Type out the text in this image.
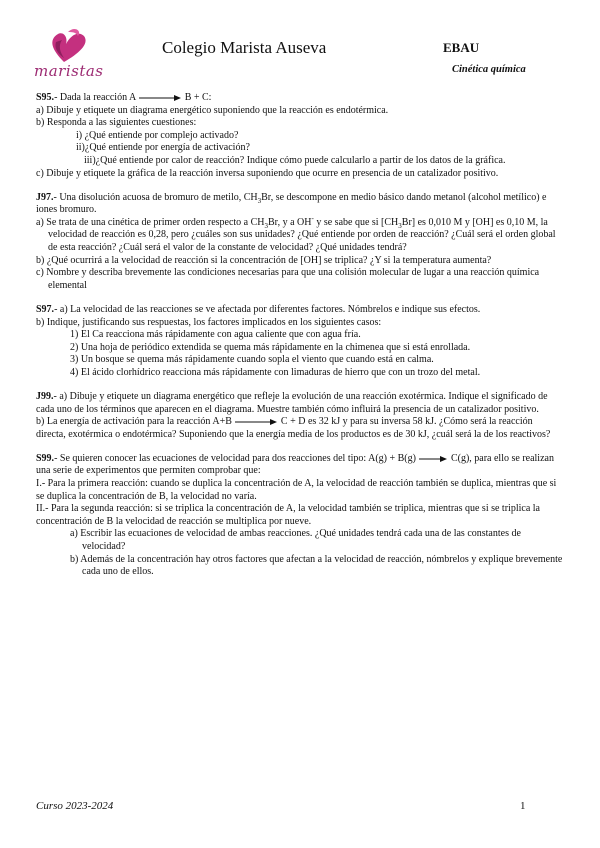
maristas
Colegio Marista Auseva	EBAU
Cinética química

S95.- Dada la reacción A	B + C:

a) Dibuje y etiquete un diagrama energético suponiendo que la reacción es endotérmica.

b) Responda a las siguientes cuestiones:

i) ¿Qué entiende por complejo activado?

ii)¿Qué entiende por energía de activación?

iii)¿Qué entiende por calor de reacción? Indique cómo puede calcularlo a partir de los datos de la gráfica.

c) Dibuje y etiquete la gráfica de la reacción inversa suponiendo que ocurre en presencia de un catalizador positivo.

J97.- Una disolución acuosa de bromuro de metilo, $CH_3Br$, se descompone en medio básico dando metanol (alcohol metílico) e iones bromuro.

a) Se trata de una cinética de primer orden respecto a $CH_3Br$, y a OH- y se sabe que si $[CH_3Br]$ es 0,010 M y [OH] es 0,10 M, la velocidad de reacción es 0,28, pero ¿cuáles son sus unidades? ¿Qué entiende por orden de reacción? ¿Cuál será el orden global de esta reacción? ¿Cuál será el valor de la constante de velocidad? ¿Qué unidades tendrá?

b) ¿Qué ocurrirá a la velocidad de reacción si la concentración de [OH] se triplica? ¿Y si la temperatura aumenta?

c) Nombre y describa brevemente las condiciones necesarias para que una colisión molecular de lugar a una reacción química elemental

S97.- a) La velocidad de las reacciones se ve afectada por diferentes factores. Nómbrelos e indique sus efectos.

b) Indique, justificando sus respuestas, los factores implicados en los siguientes casos:

1) El Ca reacciona más rápidamente con agua caliente que con agua fría.

2) Una hoja de periódico extendida se quema más rápidamente en la chimenea que si está enrollada.

3) Un bosque se quema más rápidamente cuando sopla el viento que cuando está en calma.

4) El ácido clorhídrico reacciona más rápidamente con limaduras de hierro que con un trozo del metal.

J99.- a) Dibuje y etiquete un diagrama energético que refleje la evolución de una reacción exotérmica. Indique el significado de cada uno de los términos que aparecen en el diagrama. Muestre también cómo influirá la presencia de un catalizador positivo.

b) La energía de activación para la reacción A+B	C + D es 32 kJ y para su inversa 58 kJ. ¿Cómo será la reacción directa, exotérmica o endotérmica? Suponiendo que la energía media de los productos es de 30 kJ, ¿cuál será la de los reactivos?

S99.- Se quieren conocer las ecuaciones de velocidad para dos reacciones del tipo: A(g) + B(g) → C(g), para ello se realizan una serie de experimentos que permiten comprobar que:

I.- Para la primera reacción: cuando se duplica la concentración de A, la velocidad de reacción también se duplica, mientras que si se duplica la concentración de B, la velocidad no varía.

II.- Para la segunda reacción: si se triplica la concentración de A, la velocidad también se triplica, mientras que si se triplica la concentración de B la velocidad de reacción se multiplica por nueve.

a) Escribir las ecuaciones de velocidad de ambas reacciones. ¿Qué unidades tendrá cada una de las constantes de velocidad?

b) Además de la concentración hay otros factores que afectan a la velocidad de reacción, nómbrelos y explique brevemente cada uno de ellos.

Curso 2023-2024	1
